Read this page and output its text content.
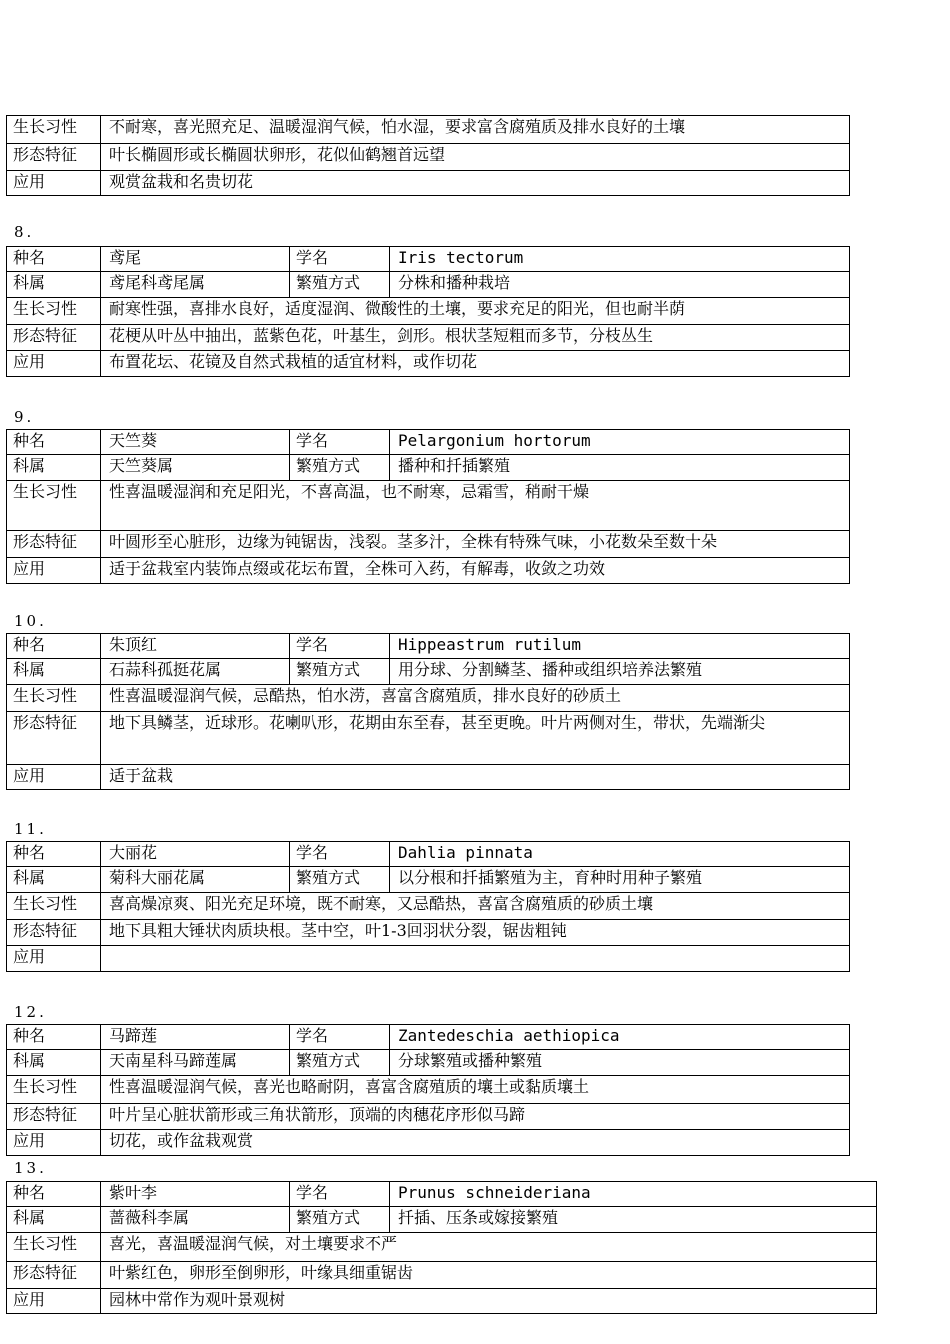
生长习性	不耐寒，喜光照充足、温暖湿润气候，怕水湿，要求富含腐殖质及排水良好的土壤
形态特征	叶长椭圆形或长椭圆状卵形，花似仙鹤翘首远望
应用	观赏盆栽和名贵切花
8.
种名	鸢尾	学名	Iris tectorum
科属	鸢尾科鸢尾属	繁殖方式	分株和播种栽培
生长习性	耐寒性强，喜排水良好，适度湿润、微酸性的土壤，要求充足的阳光，但也耐半荫		
形态特征	花梗从叶丛中抽出，蓝紫色花，叶基生，剑形。根状茎短粗而多节，分枝丛生		
应用	布置花坛、花镜及自然式栽植的适宜材料，或作切花		
9.
种名	天竺葵	学名	Pelargonium hortorum
科属	天竺葵属	繁殖方式	播种和扦插繁殖
生长习性	性喜温暖湿润和充足阳光，不喜高温，也不耐寒，忌霜雪，稍耐干燥		
形态特征	叶圆形至心脏形，边缘为钝锯齿，浅裂。茎多汁，全株有特殊气味，小花数朵至数十朵		
应用	适于盆栽室内装饰点缀或花坛布置，全株可入药，有解毒，收敛之功效		
10.
种名	朱顶红	学名	Hippeastrum rutilum
科属	石蒜科孤挺花属	繁殖方式	用分球、分割鳞茎、播种或组织培养法繁殖
生长习性	性喜温暖湿润气候，忌酷热，怕水涝，喜富含腐殖质，排水良好的砂质土		
形态特征	地下具鳞茎，近球形。花喇叭形，花期由东至春，甚至更晚。叶片两侧对生，带状，先端渐尖		
应用	适于盆栽		
11.
种名	大丽花	学名	Dahlia pinnata
科属	菊科大丽花属	繁殖方式	以分根和扦插繁殖为主，育种时用种子繁殖
生长习性	喜高燥凉爽、阳光充足环境，既不耐寒，又忌酷热，喜富含腐殖质的砂质土壤		
形态特征	地下具粗大锤状肉质块根。茎中空，叶1-3回羽状分裂，锯齿粗钝		
应用			
12.
种名	马蹄莲	学名	Zantedeschia aethiopica
科属	天南星科马蹄莲属	繁殖方式	分球繁殖或播种繁殖
生长习性	性喜温暖湿润气候，喜光也略耐阴，喜富含腐殖质的壤土或黏质壤土		
形态特征	叶片呈心脏状箭形或三角状箭形，顶端的肉穗花序形似马蹄		
应用	切花，或作盆栽观赏		
13.
种名	紫叶李	学名	Prunus schneideriana
科属	蔷薇科李属	繁殖方式	扦插、压条或嫁接繁殖
生长习性	喜光，喜温暖湿润气候，对土壤要求不严		
形态特征	叶紫红色，卵形至倒卵形，叶缘具细重锯齿		
应用	园林中常作为观叶景观树		
